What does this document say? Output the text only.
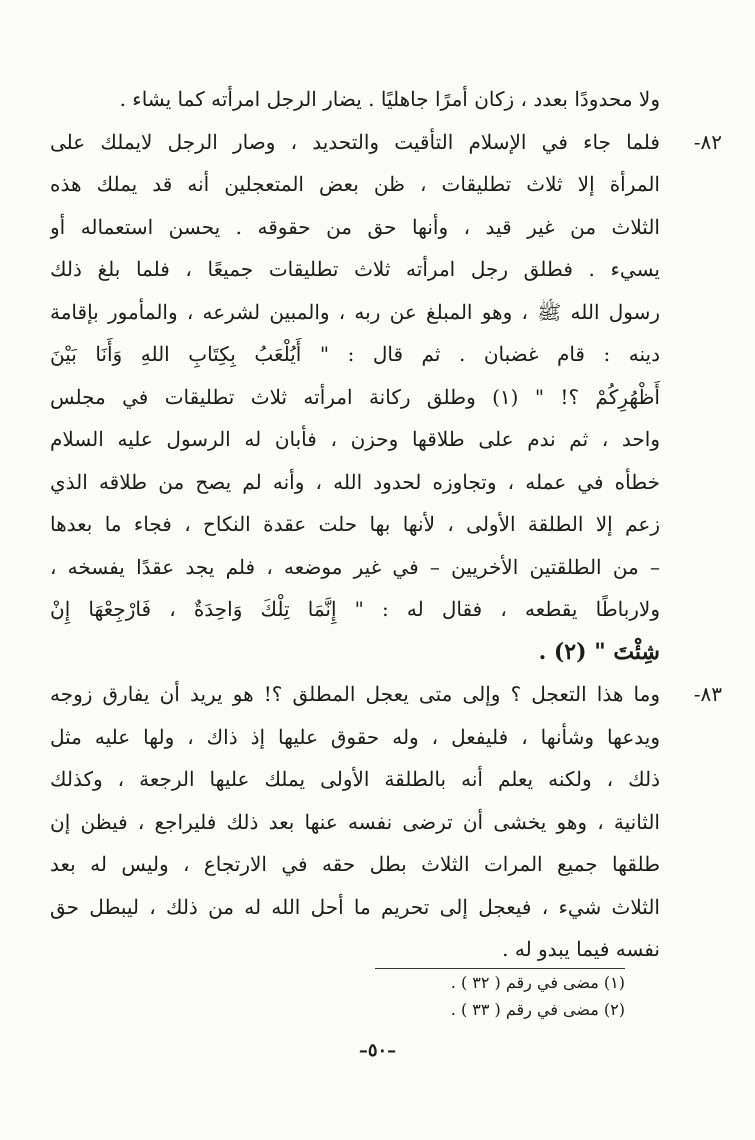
ولا محدودًا بعدد ، زكان أمرًا جاهليًا . يضار الرجل امرأته كما يشاء .
٨٢-
فلما جاء في الإسلام التأقيت والتحديد ، وصار الرجل لايملك على
المرأة إلا ثلاث تطليقات ، ظن بعض المتعجلين أنه قد يملك هذه
الثلاث من غير قيد ، وأنها حق من حقوقه . يحسن استعماله أو
يسيء . فطلق رجل امرأته ثلاث تطليقات جميعًا ، فلما بلغ ذلك
رسول الله ﷺ ، وهو المبلغ عن ربه ، والمبين لشرعه ، والمأمور بإقامة
دينه : قام غضبان . ثم قال : " أَيُلْعَبُ بِكِتَابِ اللهِ وَأَنَا بَيْنَ
أَظْهُرِكُمْ ؟! " (١) وطلق ركانة امرأته ثلاث تطليقات في مجلس
واحد ، ثم ندم على طلاقها وحزن ، فأبان له الرسول عليه السلام
خطأه في عمله ، وتجاوزه لحدود الله ، وأنه لم يصح من طلاقه الذي
زعم إلا الطلقة الأولى ، لأنها بها حلت عقدة النكاح ، فجاء ما بعدها
– من الطلقتين الأخريين – في غير موضعه ، فلم يجد عقدًا يفسخه ،
ولارباطًا يقطعه ، فقال له : " إِنَّمَا تِلْكَ وَاحِدَةٌ ، فَارْجِعْهَا إِنْ
شِئْتَ " (٢) .
٨٣-
وما هذا التعجل ؟ وإلى متى يعجل المطلق ؟! هو يريد أن يفارق زوجه
ويدعها وشأنها ، فليفعل ، وله حقوق عليها إذ ذاك ، ولها عليه مثل
ذلك ، ولكنه يعلم أنه بالطلقة الأولى يملك عليها الرجعة ، وكذلك
الثانية ، وهو يخشى أن ترضى نفسه عنها بعد ذلك فليراجع ، فيظن إن
طلقها جميع المرات الثلاث بطل حقه في الارتجاع ، وليس له بعد
الثلاث شيء ، فيعجل إلى تحريم ما أحل الله له من ذلك ، ليبطل حق
نفسه فيما يبدو له .
(١) مضى في رقم ( ٣٢ ) .
(٢) مضى في رقم ( ٣٣ ) .
–٥٠–
